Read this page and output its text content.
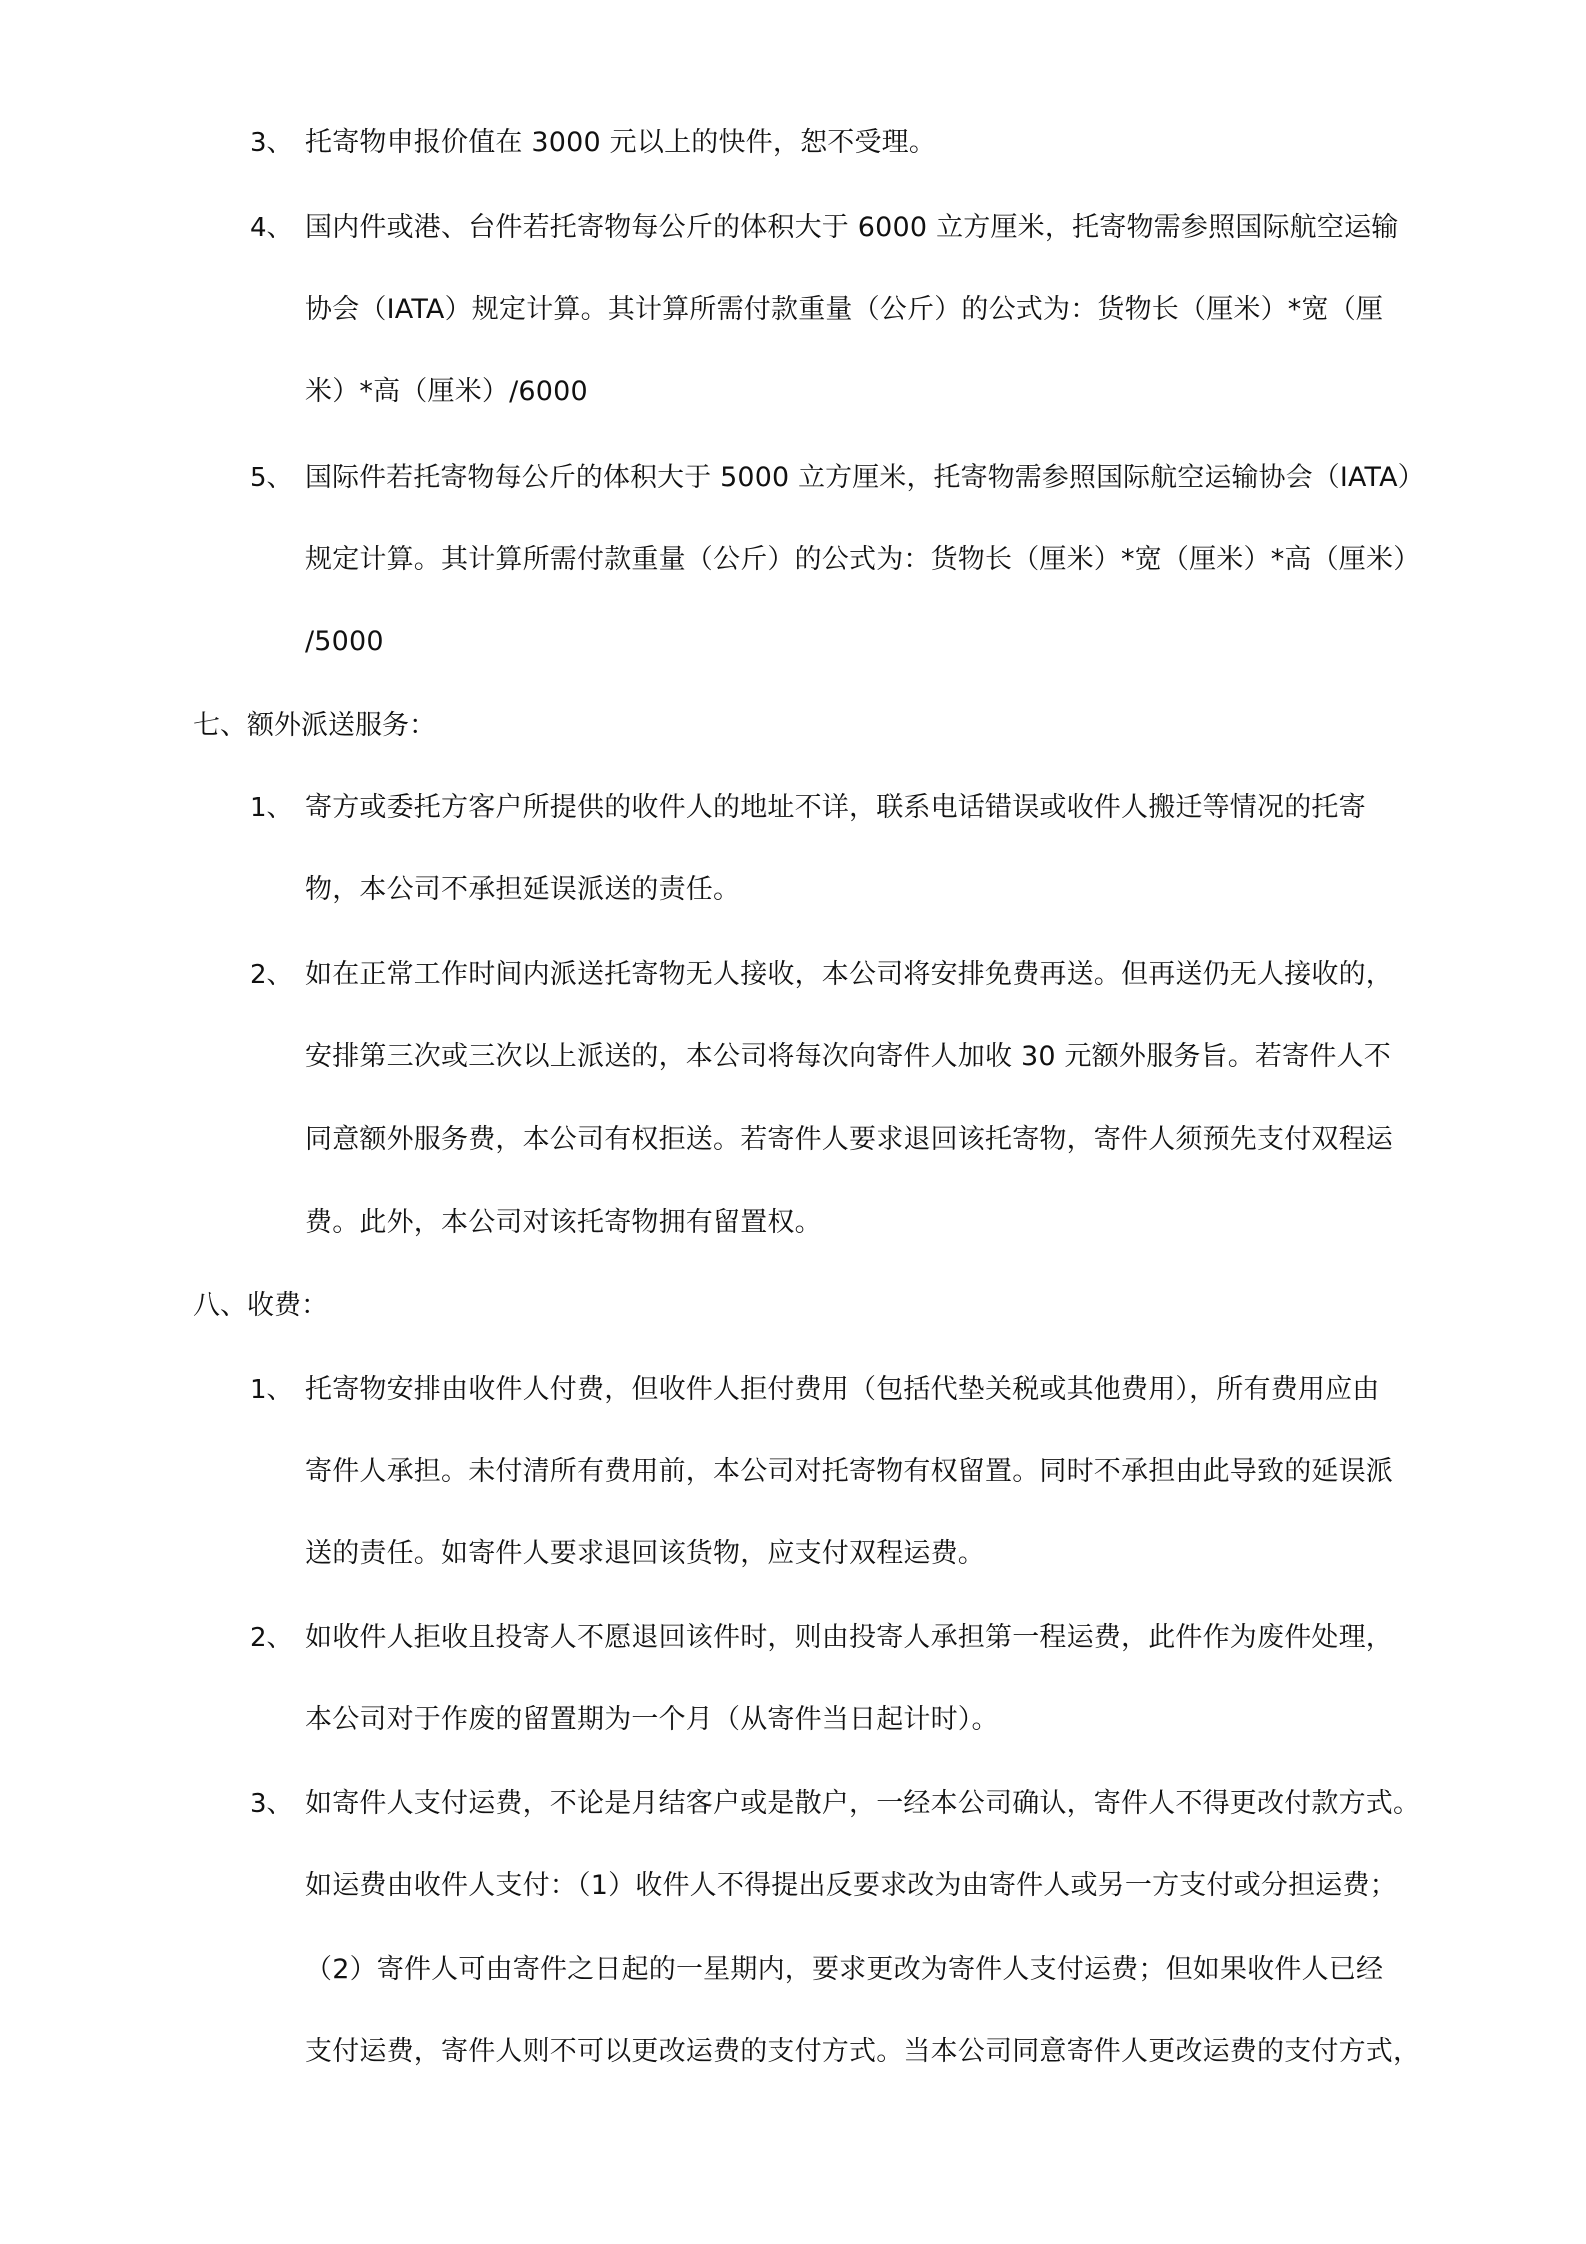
3、 托寄物申报价值在 3000 元以上的快件，恕不受理。
4、 国内件或港、台件若托寄物每公斤的体积大于 6000 立方厘米，托寄物需参照国际航空运输
协会（IATA）规定计算。其计算所需付款重量（公斤）的公式为：货物长（厘米）*宽（厘
米）*高（厘米）/6000
5、 国际件若托寄物每公斤的体积大于 5000 立方厘米，托寄物需参照国际航空运输协会（IATA）
规定计算。其计算所需付款重量（公斤）的公式为：货物长（厘米）*宽（厘米）*高（厘米）
/5000
七、额外派送服务：
1、 寄方或委托方客户所提供的收件人的地址不详，联系电话错误或收件人搬迁等情况的托寄
物，本公司不承担延误派送的责任。
2、 如在正常工作时间内派送托寄物无人接收，本公司将安排免费再送。但再送仍无人接收的，
安排第三次或三次以上派送的，本公司将每次向寄件人加收 30 元额外服务旨。若寄件人不
同意额外服务费，本公司有权拒送。若寄件人要求退回该托寄物，寄件人须预先支付双程运
费。此外，本公司对该托寄物拥有留置权。
八、收费：
1、 托寄物安排由收件人付费，但收件人拒付费用（包括代垫关税或其他费用），所有费用应由
寄件人承担。未付清所有费用前，本公司对托寄物有权留置。同时不承担由此导致的延误派
送的责任。如寄件人要求退回该货物，应支付双程运费。
2、 如收件人拒收且投寄人不愿退回该件时，则由投寄人承担第一程运费，此件作为废件处理，
本公司对于作废的留置期为一个月（从寄件当日起计时）。
3、 如寄件人支付运费，不论是月结客户或是散户，一经本公司确认，寄件人不得更改付款方式。
如运费由收件人支付：（1）收件人不得提出反要求改为由寄件人或另一方支付或分担运费；
（2）寄件人可由寄件之日起的一星期内，要求更改为寄件人支付运费；但如果收件人已经
支付运费，寄件人则不可以更改运费的支付方式。当本公司同意寄件人更改运费的支付方式，
